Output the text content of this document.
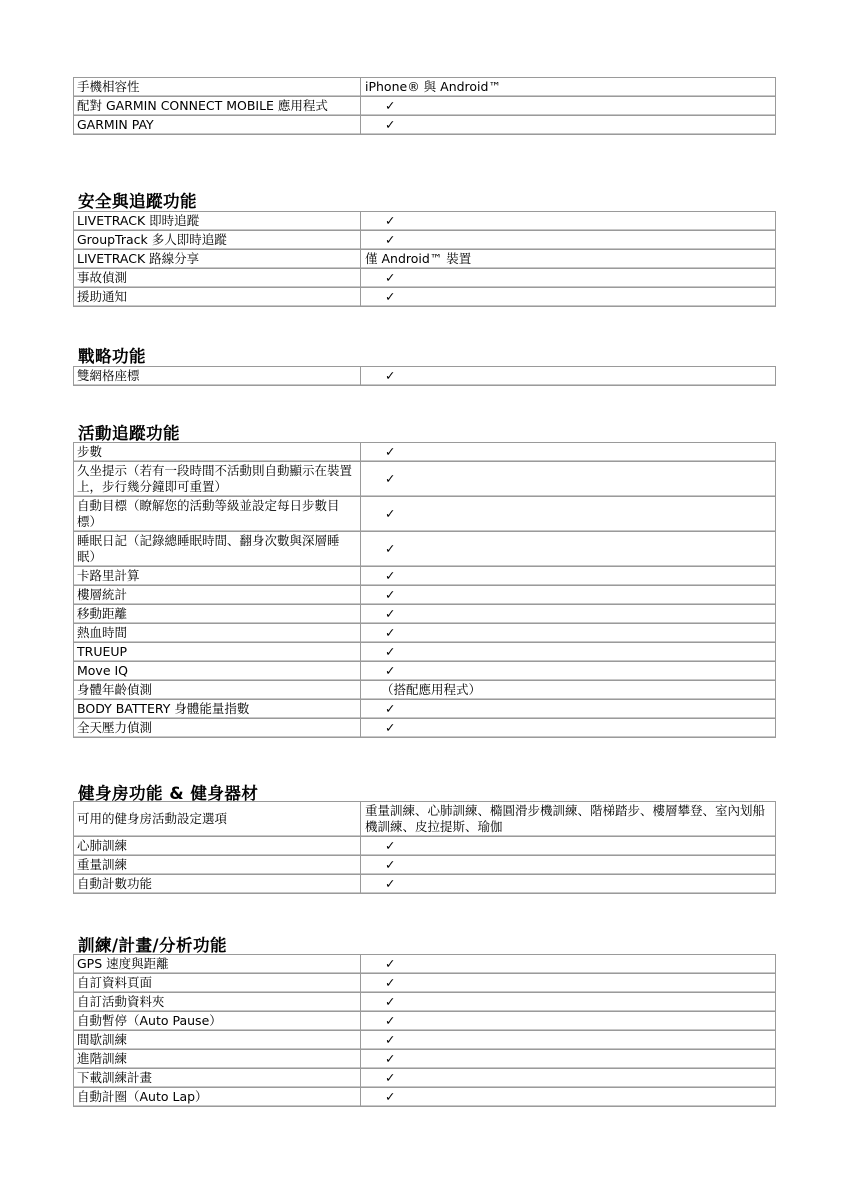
手機相容性	iPhone® 與 Android™
配對 GARMIN CONNECT MOBILE 應用程式	✓
GARMIN PAY	✓
安全與追蹤功能
LIVETRACK 即時追蹤	✓
GroupTrack 多人即時追蹤	✓
LIVETRACK 路線分享	僅 Android™ 裝置
事故偵測	✓
援助通知	✓
戰略功能
雙網格座標	✓
活動追蹤功能
步數	✓
久坐提示（若有一段時間不活動則自動顯示在裝置上，步行幾分鐘即可重置）	✓
自動目標（瞭解您的活動等級並設定每日步數目標）	✓
睡眠日記（記錄總睡眠時間、翻身次數與深層睡眠）	✓
卡路里計算	✓
樓層統計	✓
移動距離	✓
熱血時間	✓
TRUEUP	✓
Move IQ	✓
身體年齡偵測	（搭配應用程式）
BODY BATTERY 身體能量指數	✓
全天壓力偵測	✓
健身房功能 & 健身器材
可用的健身房活動設定選項	重量訓練、心肺訓練、橢圓滑步機訓練、階梯踏步、樓層攀登、室內划船機訓練、皮拉提斯、瑜伽
心肺訓練	✓
重量訓練	✓
自動計數功能	✓
訓練/計畫/分析功能
GPS 速度與距離	✓
自訂資料頁面	✓
自訂活動資料夾	✓
自動暫停（Auto Pause）	✓
間歇訓練	✓
進階訓練	✓
下載訓練計畫	✓
自動計圈（Auto Lap）	✓
